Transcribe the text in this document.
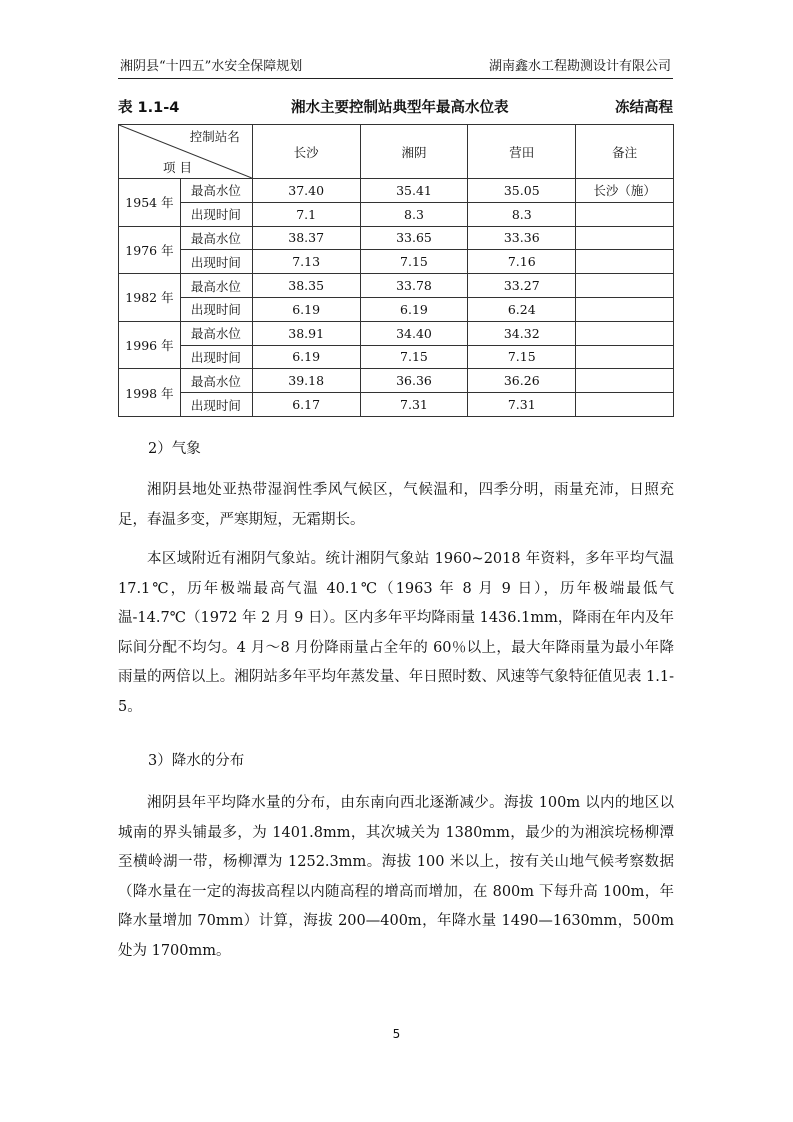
湘阴县“十四五”水安全保障规划	湖南鑫水工程勘测设计有限公司
表 1.1-4	湘水主要控制站典型年最高水位表	冻结高程
控制站名
项 目		长沙	湘阴	营田	备注
1954 年	最高水位	37.40	35.41	35.05	长沙（施）
	出现时间	7.1	8.3	8.3	
1976 年	最高水位	38.37	33.65	33.36	
	出现时间	7.13	7.15	7.16	
1982 年	最高水位	38.35	33.78	33.27	
	出现时间	6.19	6.19	6.24	
1996 年	最高水位	38.91	34.40	34.32	
	出现时间	6.19	7.15	7.15	
1998 年	最高水位	39.18	36.36	36.26	
	出现时间	6.17	7.31	7.31	
2）气象

湘阴县地处亚热带湿润性季风气候区，气候温和，四季分明，雨量充沛，日照充足，春温多变，严寒期短，无霜期长。

本区域附近有湘阴气象站。统计湘阴气象站 1960~2018 年资料，多年平均气温 17.1℃，历年极端最高气温 40.1℃（1963 年 8 月 9 日），历年极端最低气温-14.7℃（1972 年 2 月 9 日）。区内多年平均降雨量 1436.1mm，降雨在年内及年际间分配不均匀。4 月～8 月份降雨量占全年的 60％以上，最大年降雨量为最小年降雨量的两倍以上。湘阴站多年平均年蒸发量、年日照时数、风速等气象特征值见表 1.1-5。

3）降水的分布

湘阴县年平均降水量的分布，由东南向西北逐渐减少。海拔 100m 以内的地区以城南的界头铺最多，为 1401.8mm，其次城关为 1380mm，最少的为湘滨垸杨柳潭至横岭湖一带，杨柳潭为 1252.3mm。海拔 100 米以上，按有关山地气候考察数据（降水量在一定的海拔高程以内随高程的增高而增加，在 800m 下每升高 100m，年降水量增加 70mm）计算，海拔 200—400m，年降水量 1490—1630mm，500m 处为 1700mm。

5
